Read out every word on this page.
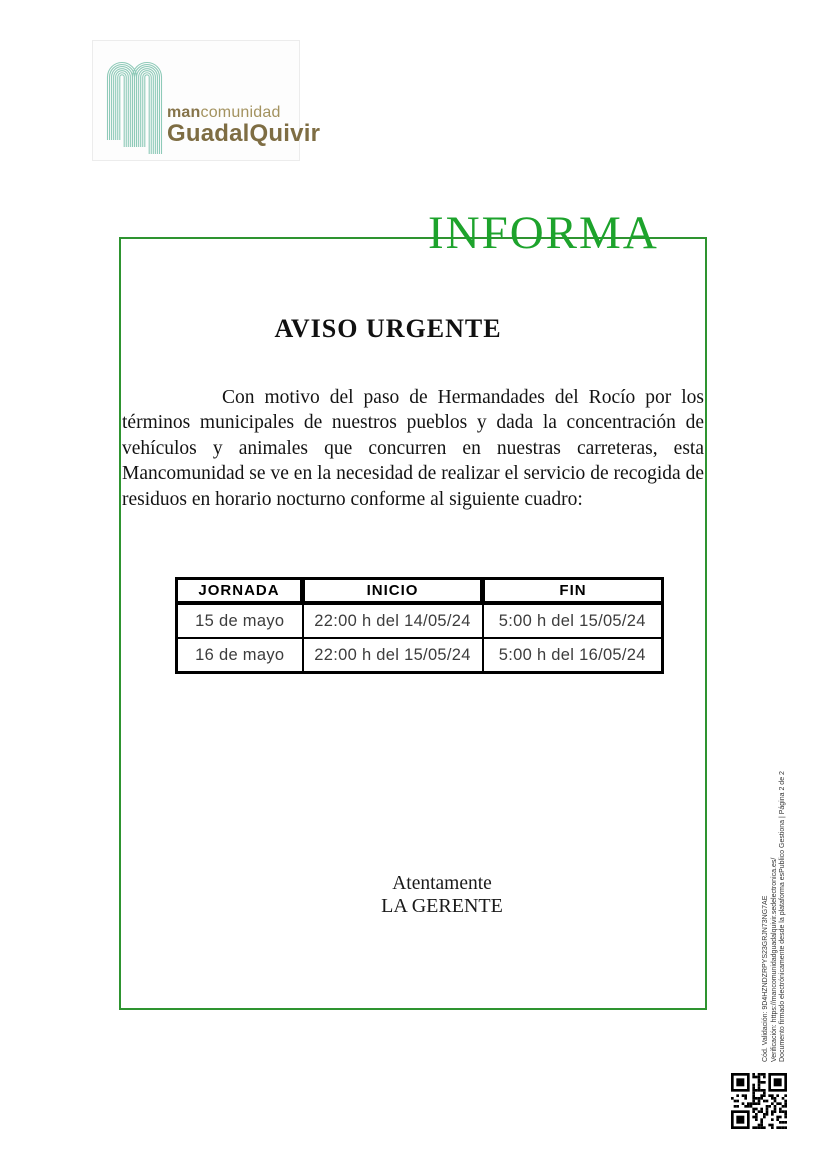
mancomunidad
GuadalQuivir
INFORMA
AVISO URGENTE

Con motivo del paso de Hermandades del Rocío por los términos municipales de nuestros pueblos y dada la concentración de vehículos y animales que concurren en nuestras carreteras, esta Mancomunidad se ve en la necesidad de realizar el servicio de recogida de residuos en horario nocturno conforme al siguiente cuadro:

JORNADA	INICIO	FIN
15 de mayo	22:00 h del 14/05/24	5:00 h del 15/05/24
16 de mayo	22:00 h del 15/05/24	5:00 h del 16/05/24
Atentamente
LA GERENTE	Cód. Validación: 9D4HZNDZRPYS23GRJN73NG7AE Verificación: https://mancomunidadguadalquivir.sedelectronica.es/ Documento firmado electrónicamente desde la plataforma esPublico Gestiona | Página 2 de 2
